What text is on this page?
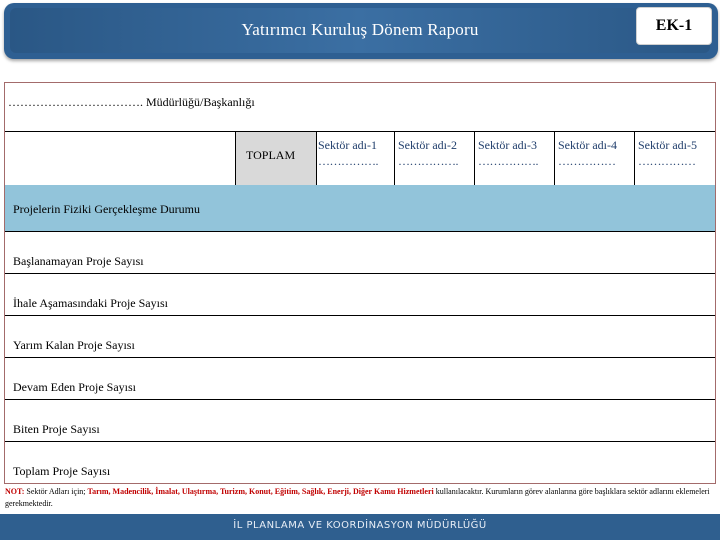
Yatırımcı Kuruluş Dönem Raporu	EK-1
……………………………. Müdürlüğü/Başkanlığı
TOPLAM
Sektör adı-1
…………….
Sektör adı-2
…………….
Sektör adı-3
…………….
Sektör adı-4
……………
Sektör adı-5
……………
Projelerin Fiziki Gerçekleşme Durumu
Başlanamayan Proje Sayısı
İhale Aşamasındaki Proje Sayısı
Yarım Kalan Proje Sayısı
Devam Eden Proje Sayısı
Biten Proje Sayısı
Toplam Proje Sayısı
NOT: Sektör Adları için; Tarım, Madencilik, İmalat, Ulaştırma, Turizm, Konut, Eğitim, Sağlık, Enerji, Diğer Kamu Hizmetleri kullanılacaktır. Kurumların görev alanlarına göre başlıklara sektör adlarını eklemeleri gerekmektedir.
İL PLANLAMA VE KOORDİNASYON MÜDÜRLÜĞÜ
